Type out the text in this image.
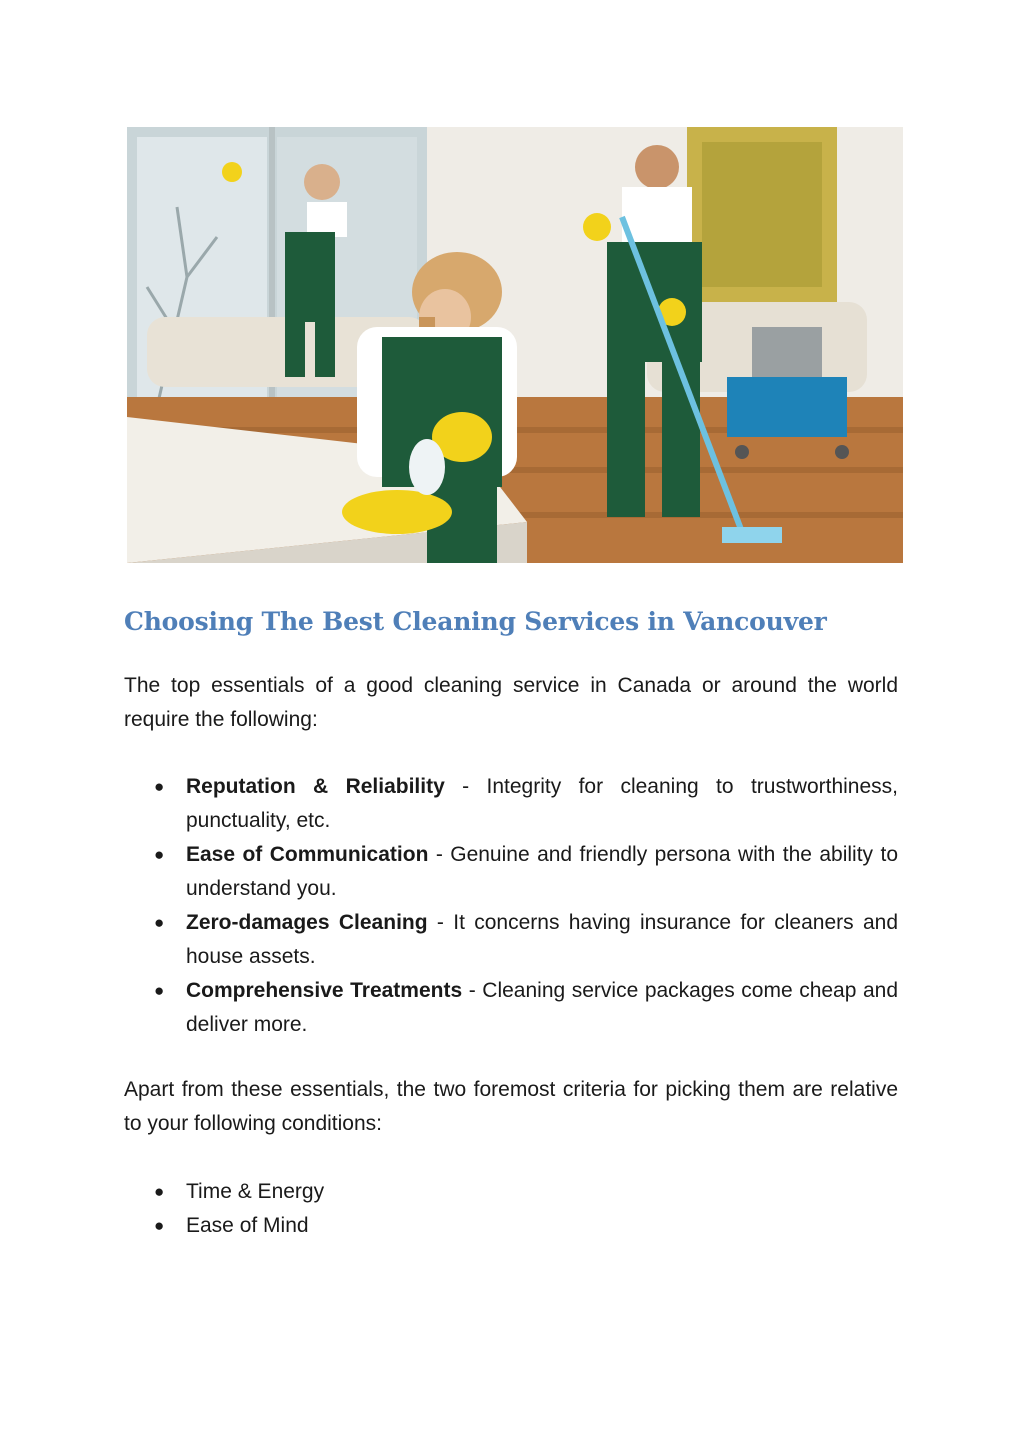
Choosing The Best Cleaning Services in Vancouver
The top essentials of a good cleaning service in Canada or around the world require the following:
● Reputation & Reliability - Integrity for cleaning to trustworthiness, punctuality, etc.
● Ease of Communication - Genuine and friendly persona with the ability to understand you.
● Zero-damages Cleaning - It concerns having insurance for cleaners and house assets.
● Comprehensive Treatments - Cleaning service packages come cheap and deliver more.
Apart from these essentials, the two foremost criteria for picking them are relative to your following conditions:
● Time & Energy
● Ease of Mind
